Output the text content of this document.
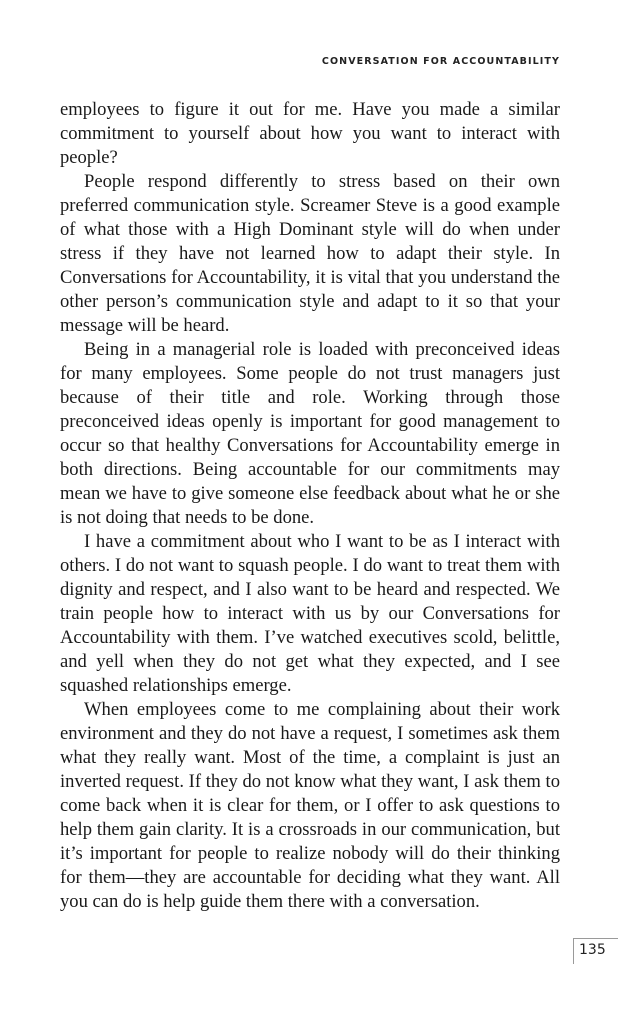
CONVERSATION FOR ACCOUNTABILITY

employees to figure it out for me. Have you made a similar commitment to yourself about how you want to interact with people?

People respond differently to stress based on their own preferred communication style. Screamer Steve is a good example of what those with a High Dominant style will do when under stress if they have not learned how to adapt their style. In Conversations for Accountability, it is vital that you understand the other person’s communication style and adapt to it so that your message will be heard.

Being in a managerial role is loaded with preconceived ideas for many employees. Some people do not trust managers just because of their title and role. Working through those preconceived ideas openly is important for good management to occur so that healthy Conversations for Accountability emerge in both directions. Being accountable for our commitments may mean we have to give someone else feedback about what he or she is not doing that needs to be done.

I have a commitment about who I want to be as I interact with others. I do not want to squash people. I do want to treat them with dignity and respect, and I also want to be heard and respected. We train people how to interact with us by our Conversations for Accountability with them. I’ve watched executives scold, belittle, and yell when they do not get what they expected, and I see squashed relationships emerge.

When employees come to me complaining about their work environment and they do not have a request, I sometimes ask them what they really want. Most of the time, a complaint is just an inverted request. If they do not know what they want, I ask them to come back when it is clear for them, or I offer to ask questions to help them gain clarity. It is a crossroads in our communication, but it’s important for people to realize nobody will do their thinking for them—they are accountable for deciding what they want. All you can do is help guide them there with a conversation.

135
